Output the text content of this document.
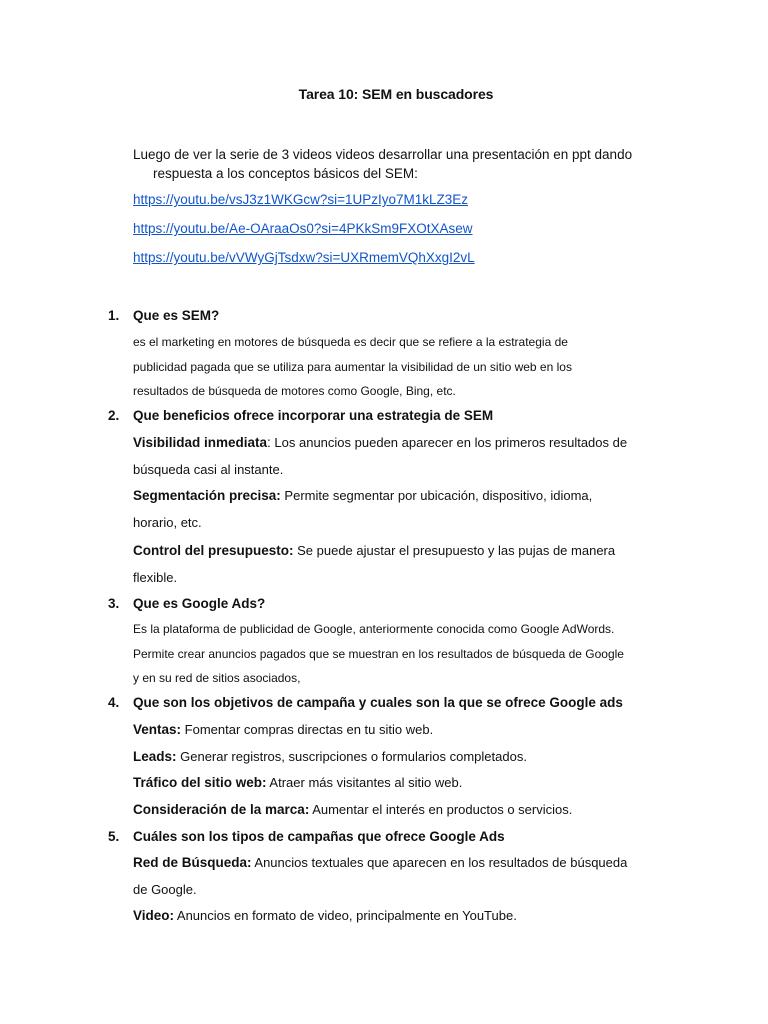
Tarea 10: SEM en buscadores
Luego de ver la serie de 3 videos videos desarrollar una presentación en ppt dando
respuesta a los conceptos básicos del SEM:
https://youtu.be/vsJ3z1WKGcw?si=1UPzIyo7M1kLZ3Ez
https://youtu.be/Ae-OAraaOs0?si=4PKkSm9FXOtXAsew
https://youtu.be/vVWyGjTsdxw?si=UXRmemVQhXxgI2vL
1. Que es SEM?
es el marketing en motores de búsqueda es decir que se refiere a la estrategia de
publicidad pagada que se utiliza para aumentar la visibilidad de un sitio web en los
resultados de búsqueda de motores como Google, Bing, etc.
2. Que beneficios ofrece incorporar una estrategia de SEM
Visibilidad inmediata: Los anuncios pueden aparecer en los primeros resultados de
búsqueda casi al instante.
Segmentación precisa: Permite segmentar por ubicación, dispositivo, idioma,
horario, etc.
Control del presupuesto: Se puede ajustar el presupuesto y las pujas de manera
flexible.
3. Que es Google Ads?
Es la plataforma de publicidad de Google, anteriormente conocida como Google AdWords.
Permite crear anuncios pagados que se muestran en los resultados de búsqueda de Google
y en su red de sitios asociados,
4. Que son los objetivos de campaña y cuales son la que se ofrece Google ads
Ventas: Fomentar compras directas en tu sitio web.
Leads: Generar registros, suscripciones o formularios completados.
Tráfico del sitio web: Atraer más visitantes al sitio web.
Consideración de la marca: Aumentar el interés en productos o servicios.
5. Cuáles son los tipos de campañas que ofrece Google Ads
Red de Búsqueda: Anuncios textuales que aparecen en los resultados de búsqueda
de Google.
Video: Anuncios en formato de video, principalmente en YouTube.
